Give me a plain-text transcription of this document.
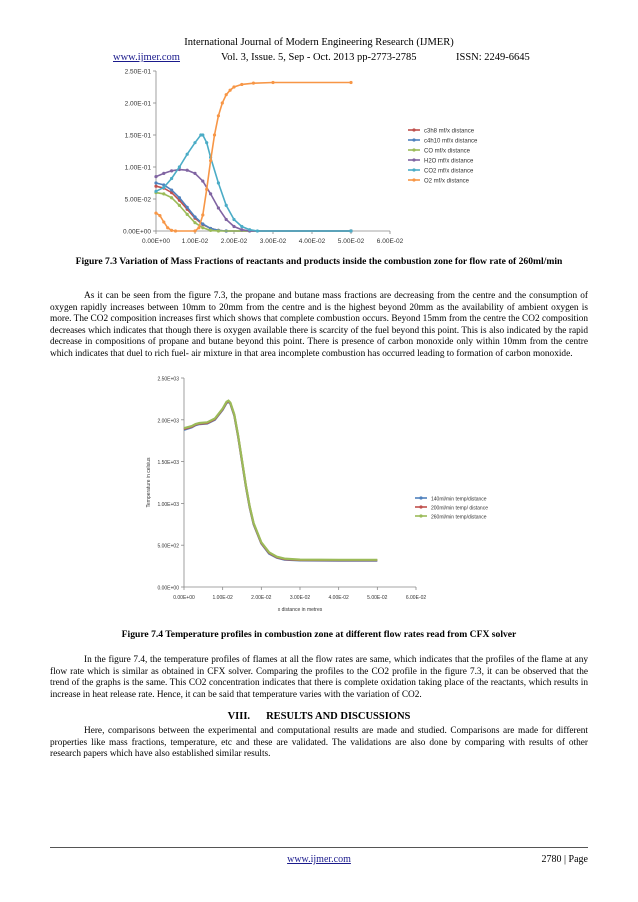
International Journal of Modern Engineering Research (IJMER)
www.ijmer.com	Vol. 3, Issue. 5, Sep - Oct. 2013 pp-2773-2785	ISSN: 2249-6645
0.00E+00 1.00E-02 2.00E-02 3.00E-02 4.00E-02 5.00E-02 6.00E-02
0.00E+00
5.00E-02
1.00E-01
1.50E-01
2.00E-01
2.50E-01
c3h8 mf/x distance
c4h10 mf/x distance
CO mf/x distance
H2O mf/x distance
CO2 mf/x distance
O2 mf/x distance
Figure 7.3 Variation of Mass Fractions of reactants and products inside the combustion zone for flow rate of 260ml/min

As it can be seen from the figure 7.3, the propane and butane mass fractions are decreasing from the centre and the consumption of oxygen rapidly increases between 10mm to 20mm from the centre and is the highest beyond 20mm as the availability of ambient oxygen is more. The CO2 composition increases first which shows that complete combustion occurs. Beyond 15mm from the centre the CO2 composition decreases which indicates that though there is oxygen available there is scarcity of the fuel beyond this point. This is also indicated by the rapid decrease in compositions of propane and butane beyond this point. There is presence of carbon monoxide only within 10mm from the centre which indicates that duel to rich fuel- air mixture in that area incomplete combustion has occurred leading to formation of carbon monoxide.

0.00E+00	1.00E-02	2.00E-02	3.00E-02	4.00E-02	5.00E-02	6.00E-02
0.00E+00
5.00E+02
1.00E+03
1.50E+03
2.00E+03
2.50E+03
140ml/min temp/distance
200ml/min temp/ distance
260ml/min temp/distance
x distance in metres
Temperature in celsius
Figure 7.4 Temperature profiles in combustion zone at different flow rates read from CFX solver

In the figure 7.4, the temperature profiles of flames at all the flow rates are same, which indicates that the profiles of the flame at any flow rate which is similar as obtained in CFX solver. Comparing the profiles to the CO2 profile in the figure 7.3, it can be observed that the trend of the graphs is the same. This CO2 concentration indicates that there is complete oxidation taking place of the reactants, which results in increase in heat release rate. Hence, it can be said that temperature varies with the variation of CO2.

VIII. RESULTS AND DISCUSSIONS

Here, comparisons between the experimental and computational results are made and studied. Comparisons are made for different properties like mass fractions, temperature, etc and these are validated. The validations are also done by comparing with results of other research papers which have also established similar results.

www.ijmer.com	2780 | Page
